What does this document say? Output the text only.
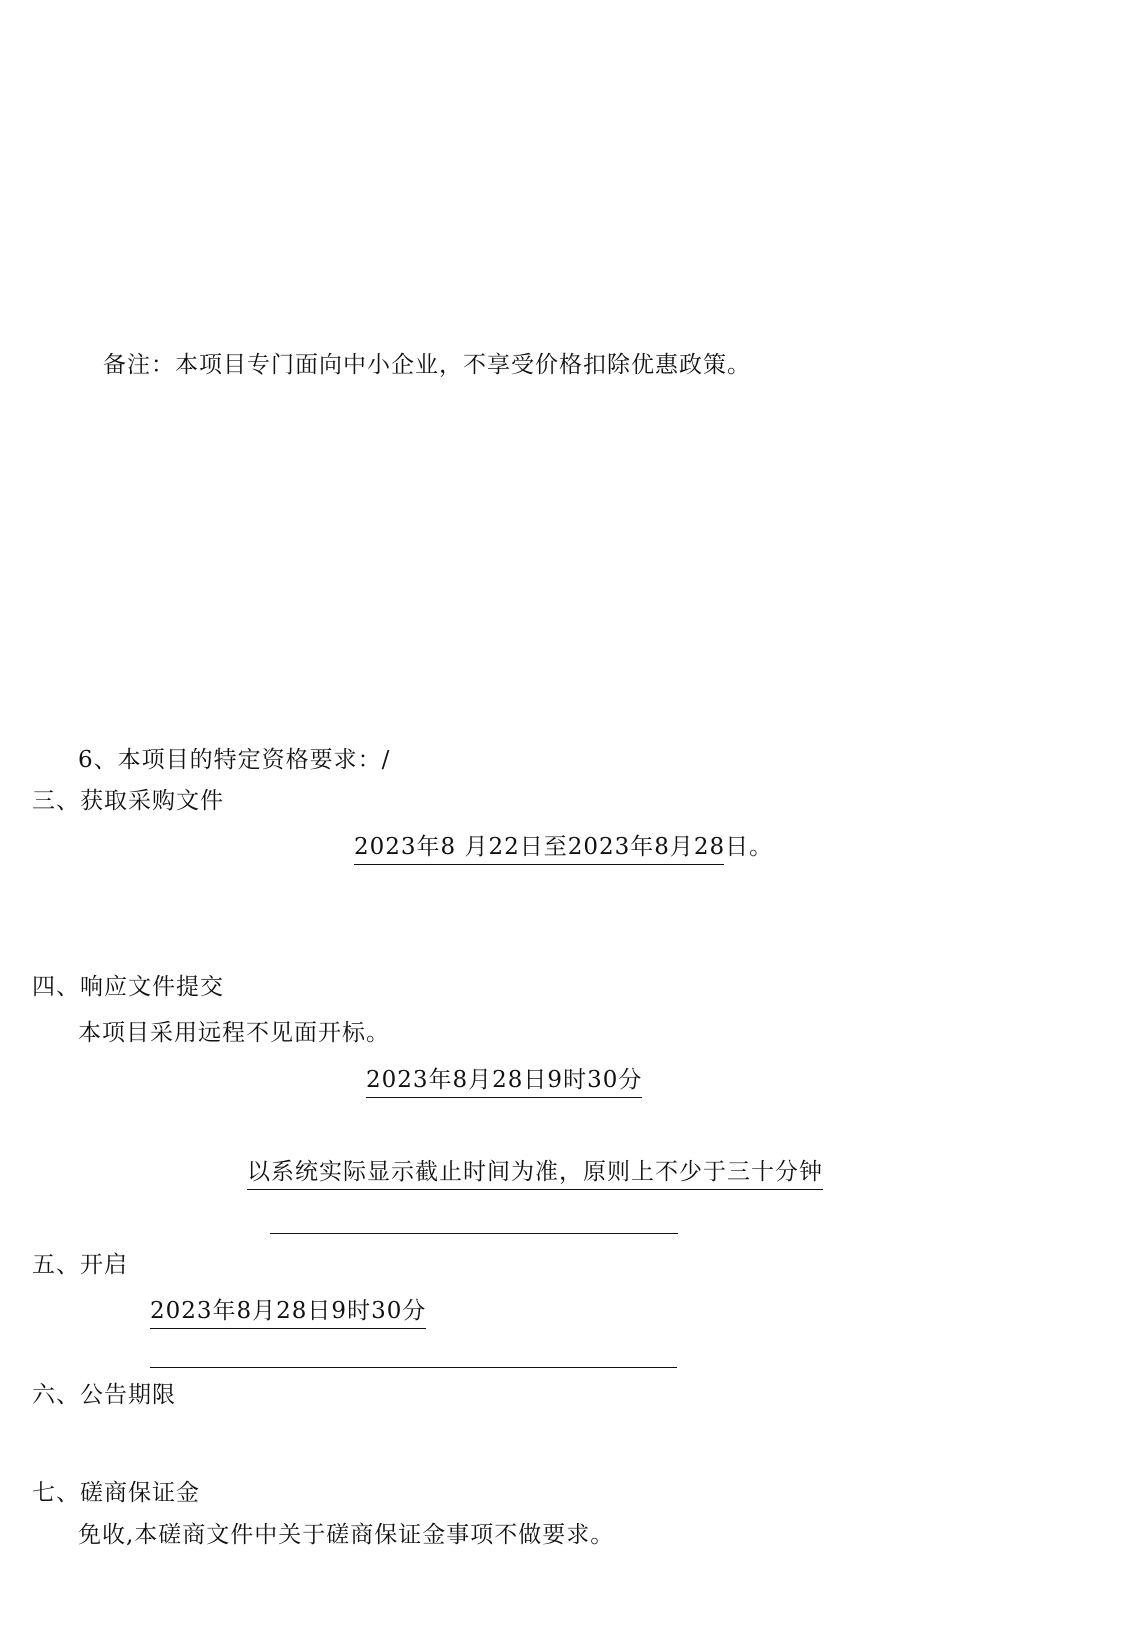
备注：本项目专门面向中小企业，不享受价格扣除优惠政策。
6、本项目的特定资格要求：/
三、获取采购文件
2023年8 月22日至2023年8月28日。
四、响应文件提交
本项目采用远程不见面开标。
2023年8月28日9时30分
以系统实际显示截止时间为准，原则上不少于三十分钟
五、开启
2023年8月28日9时30分
六、公告期限
七、磋商保证金
免收,本磋商文件中关于磋商保证金事项不做要求。
